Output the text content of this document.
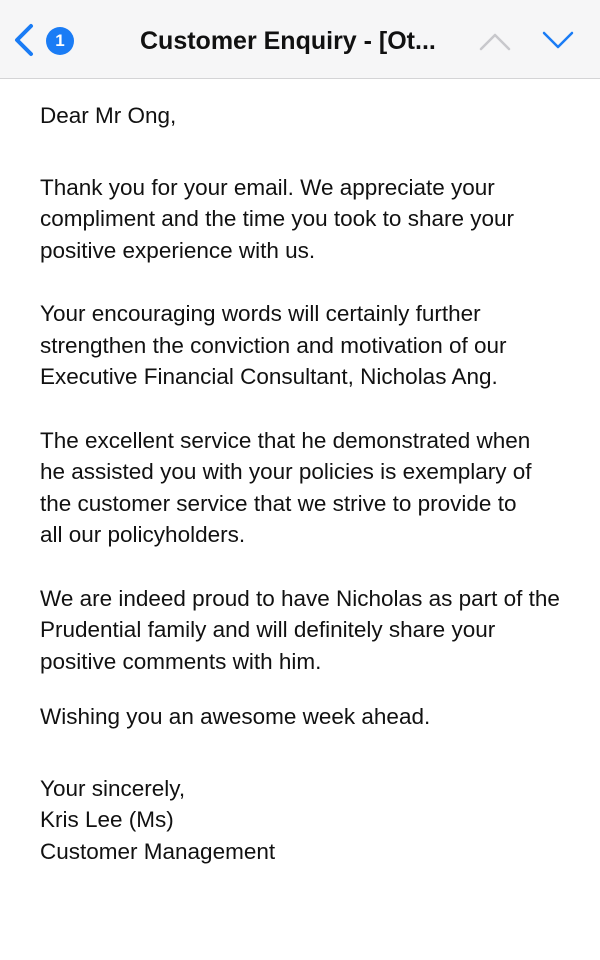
1	Customer Enquiry - [Ot...

Dear Mr Ong,

Thank you for your email. We appreciate your compliment and the time you took to share your positive experience with us.

Your encouraging words will certainly further strengthen the conviction and motivation of our Executive Financial Consultant, Nicholas Ang.

The excellent service that he demonstrated when he assisted you with your policies is exemplary of the customer service that we strive to provide to all our policyholders.

We are indeed proud to have Nicholas as part of the Prudential family and will definitely share your positive comments with him.

Wishing you an awesome week ahead.

Your sincerely,

Kris Lee (Ms)

Customer Management
